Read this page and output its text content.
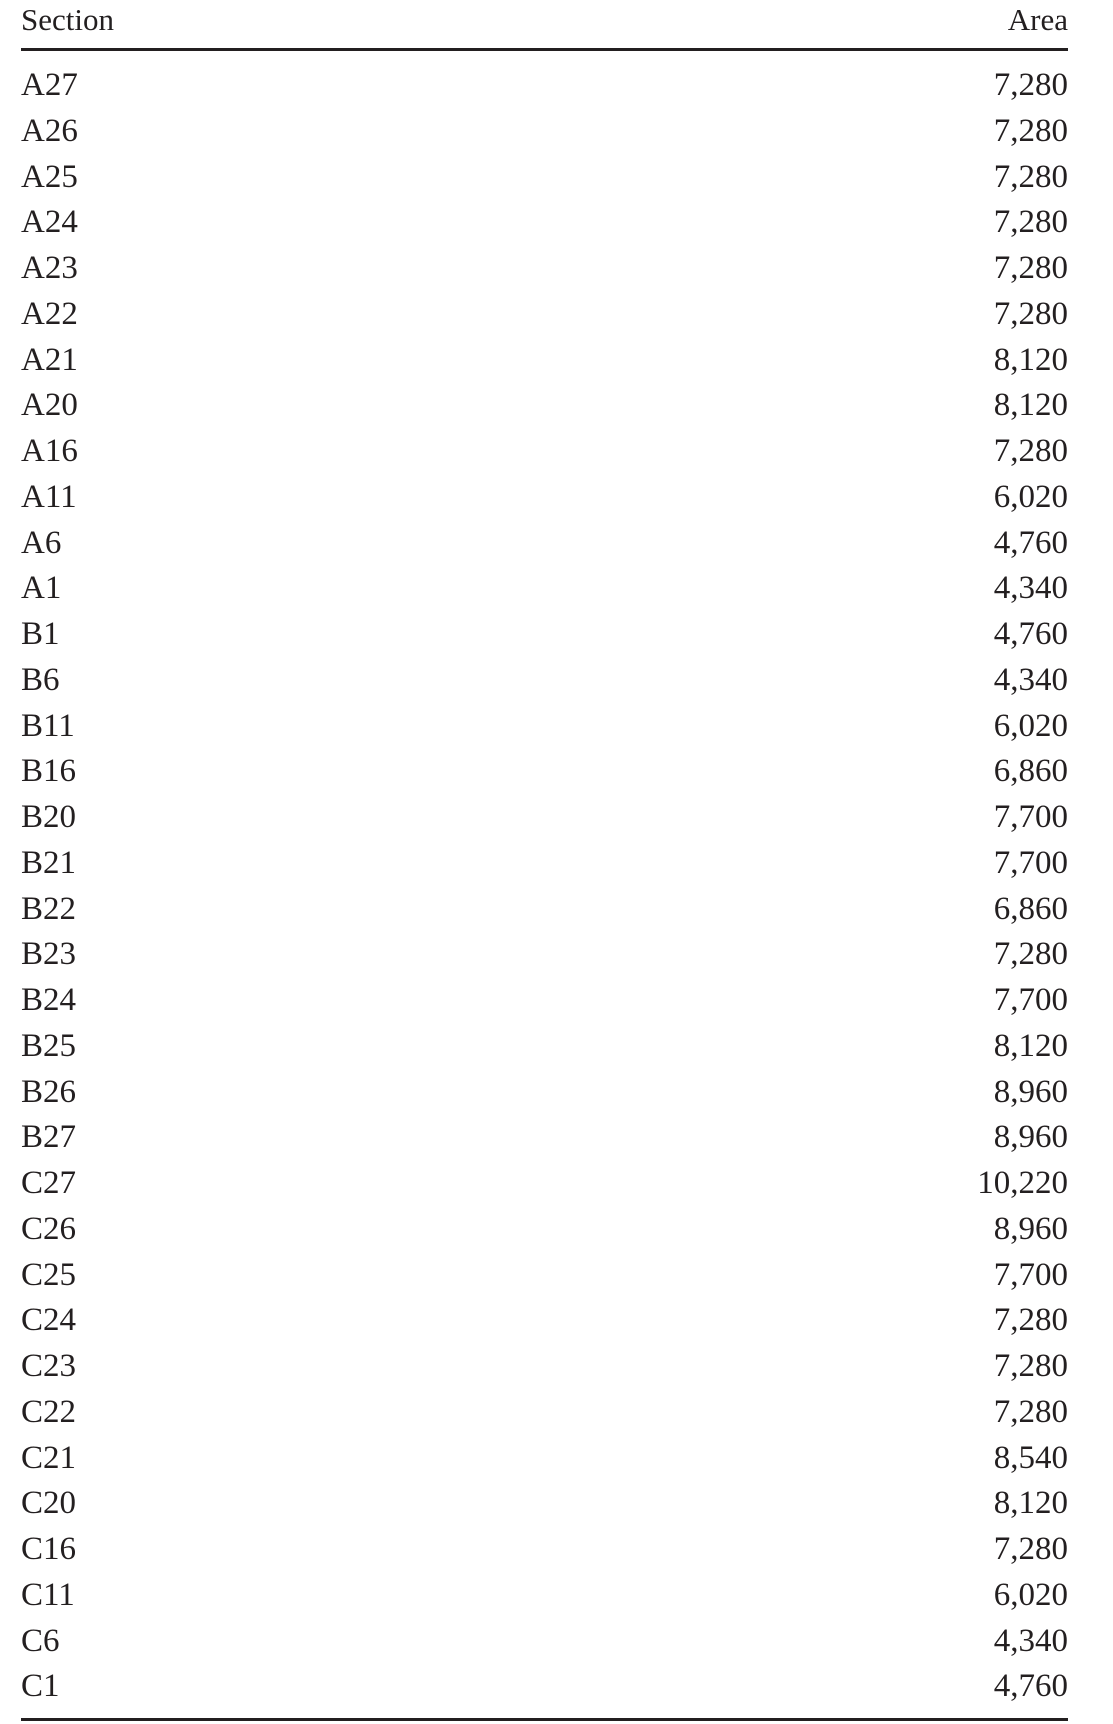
Section	Area
A27	7,280
A26	7,280
A25	7,280
A24	7,280
A23	7,280
A22	7,280
A21	8,120
A20	8,120
A16	7,280
A11	6,020
A6	4,760
A1	4,340
B1	4,760
B6	4,340
B11	6,020
B16	6,860
B20	7,700
B21	7,700
B22	6,860
B23	7,280
B24	7,700
B25	8,120
B26	8,960
B27	8,960
C27	10,220
C26	8,960
C25	7,700
C24	7,280
C23	7,280
C22	7,280
C21	8,540
C20	8,120
C16	7,280
C11	6,020
C6	4,340
C1	4,760
